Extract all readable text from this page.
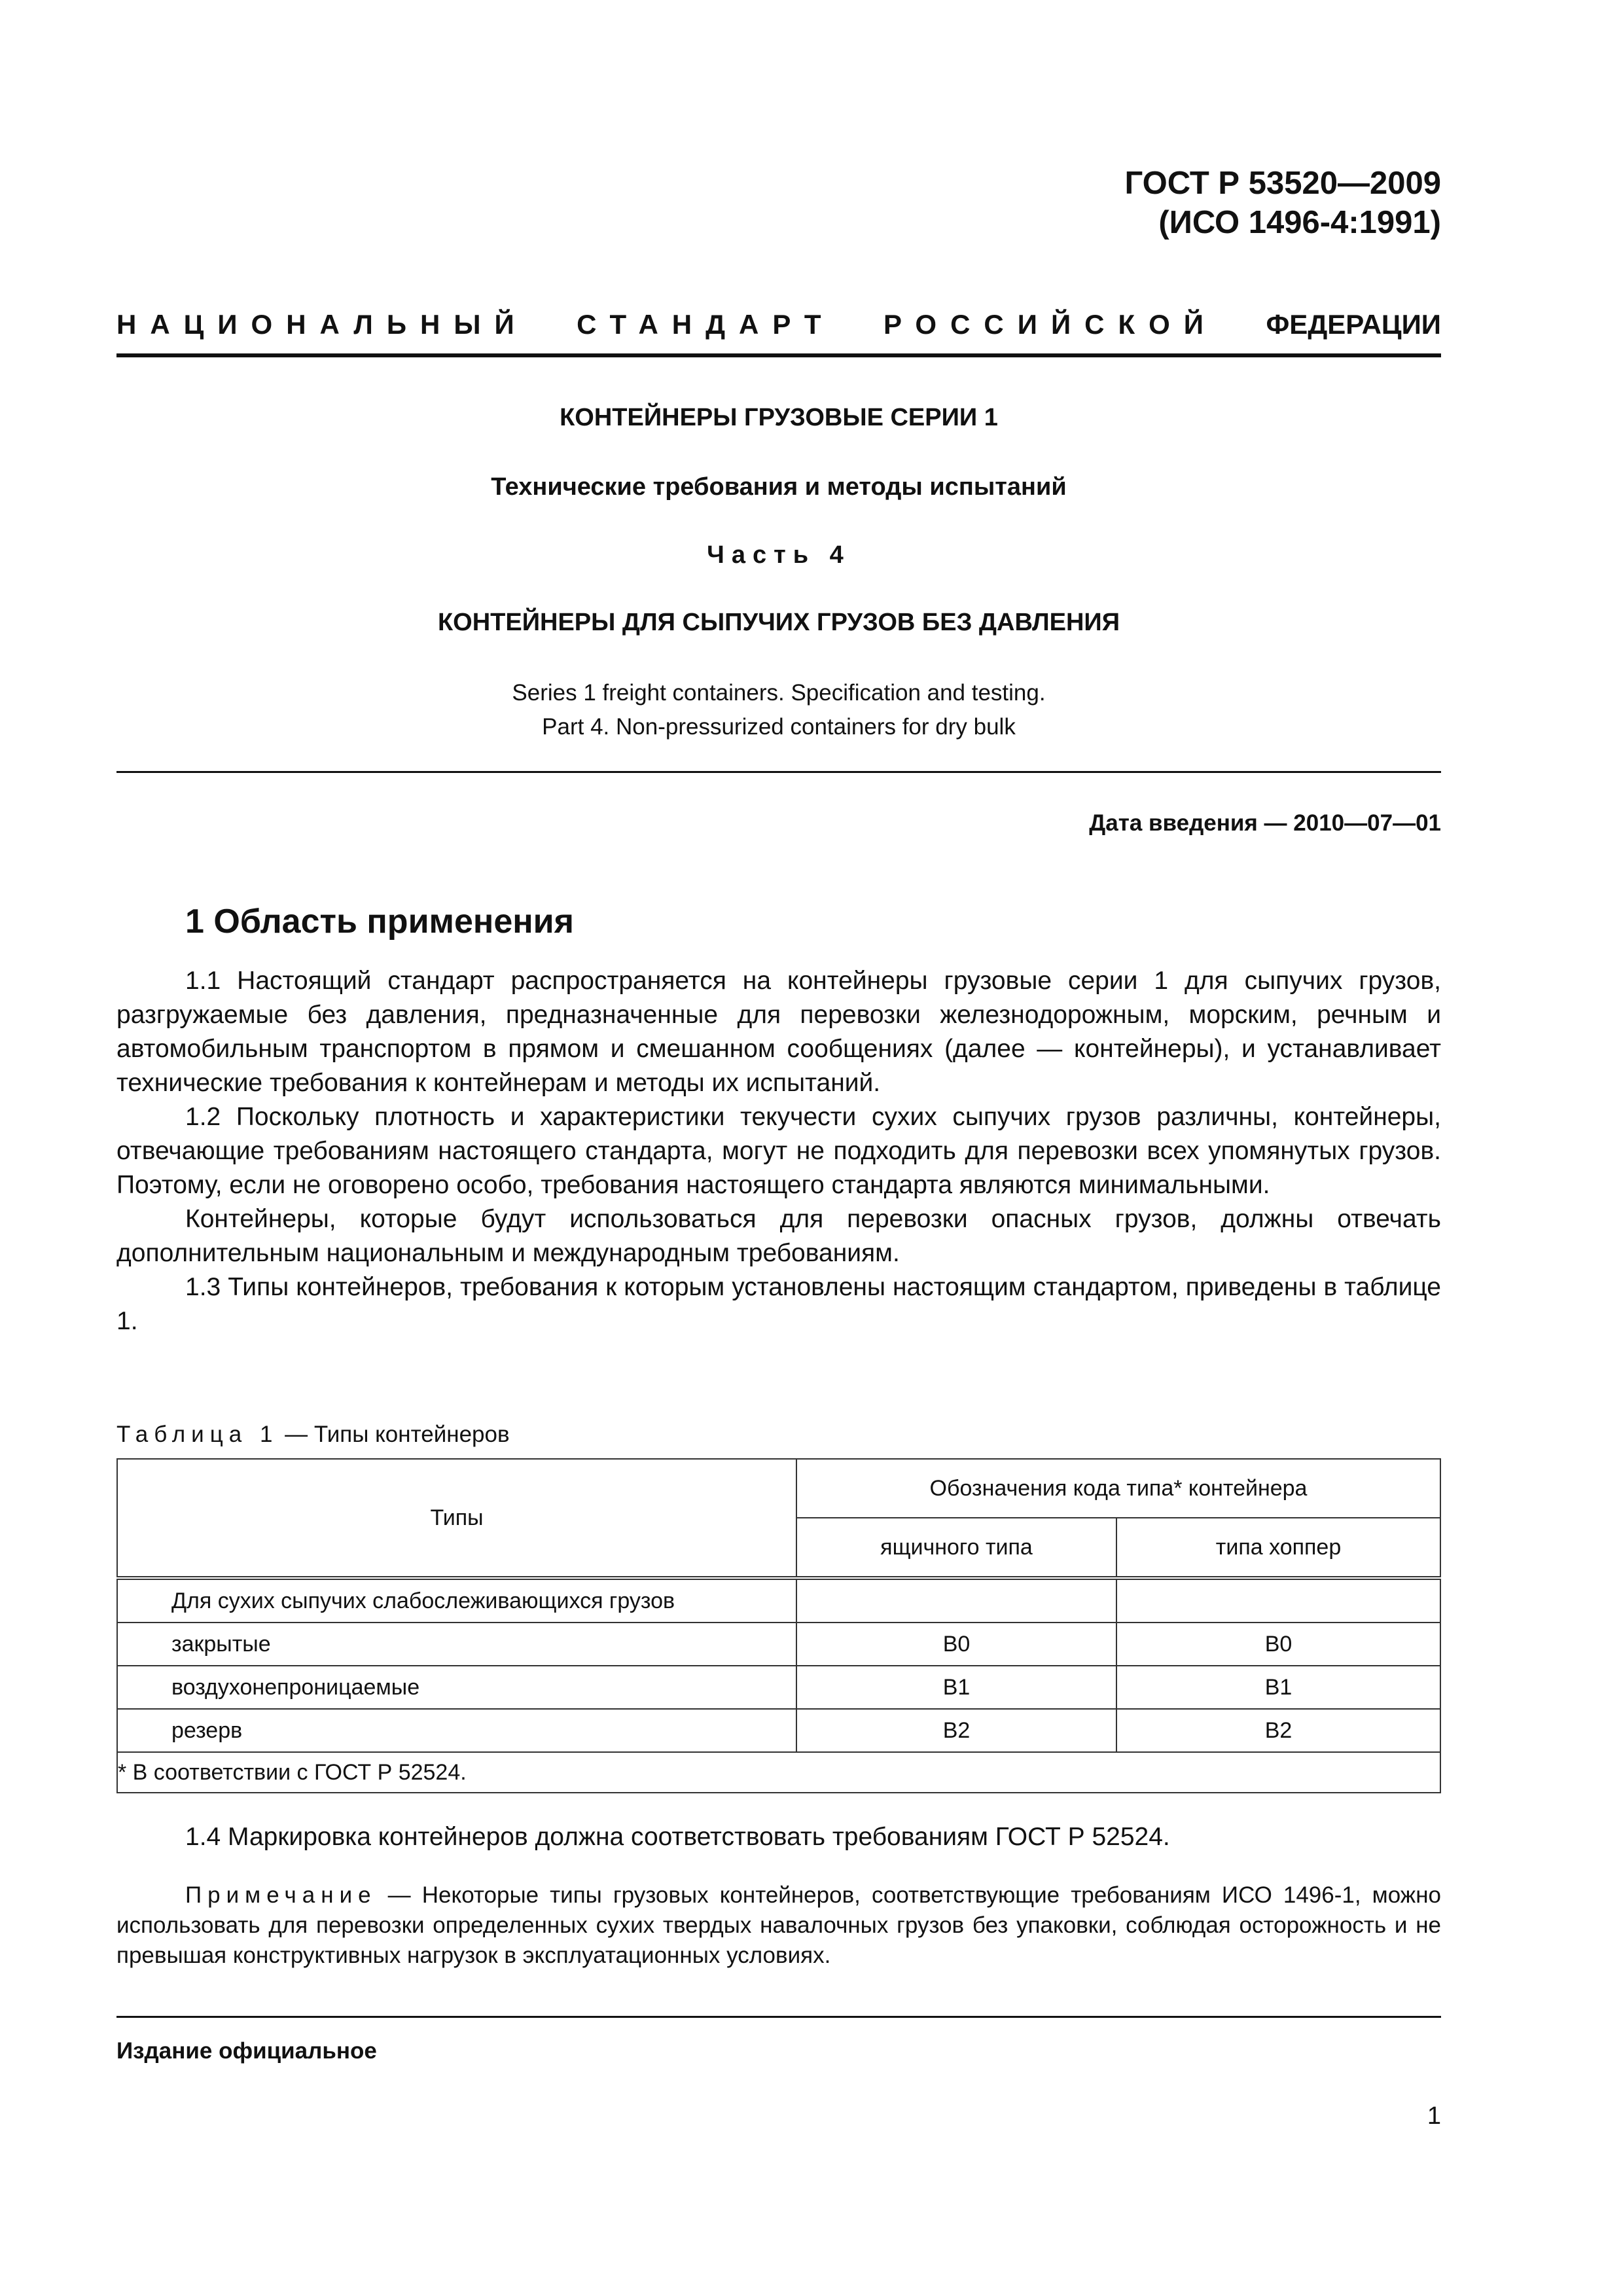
ГОСТ Р 53520—2009
(ИСО 1496-4:1991)
НАЦИОНАЛЬНЫЙ СТАНДАРТ РОССИЙСКОЙ ФЕДЕРАЦИИ
КОНТЕЙНЕРЫ ГРУЗОВЫЕ СЕРИИ 1
Технические требования и методы испытаний
Часть 4
КОНТЕЙНЕРЫ ДЛЯ СЫПУЧИХ ГРУЗОВ БЕЗ ДАВЛЕНИЯ
Series 1 freight containers. Specification and testing.
Part 4. Non-pressurized containers for dry bulk
Дата введения — 2010—07—01
1 Область применения

1.1 Настоящий стандарт распространяется на контейнеры грузовые серии 1 для сыпучих грузов, разгружаемые без давления, предназначенные для перевозки железнодорожным, морским, речным и автомобильным транспортом в прямом и смешанном сообщениях (далее — контейнеры), и устанавливает технические требования к контейнерам и методы их испытаний.

1.2 Поскольку плотность и характеристики текучести сухих сыпучих грузов различны, контейнеры, отвечающие требованиям настоящего стандарта, могут не подходить для перевозки всех упомянутых грузов. Поэтому, если не оговорено особо, требования настоящего стандарта являются минимальными.

Контейнеры, которые будут использоваться для перевозки опасных грузов, должны отвечать дополнительным национальным и международным требованиям.

1.3 Типы контейнеров, требования к которым установлены настоящим стандартом, приведены в таблице 1.

Таблица 1 — Типы контейнеров
Типы	Обозначения кода типа* контейнера	
	ящичного типа	типа хоппер
Для сухих сыпучих слабослеживающихся грузов		
закрытые	B0	B0
воздухонепроницаемые	B1	B1
резерв	B2	B2
* В соответствии с ГОСТ Р 52524.		
1.4 Маркировка контейнеров должна соответствовать требованиям ГОСТ Р 52524.

Примечание — Некоторые типы грузовых контейнеров, соответствующие требованиям ИСО 1496-1, можно использовать для перевозки определенных сухих твердых навалочных грузов без упаковки, соблюдая осторожность и не превышая конструктивных нагрузок в эксплуатационных условиях.

Издание официальное
1
